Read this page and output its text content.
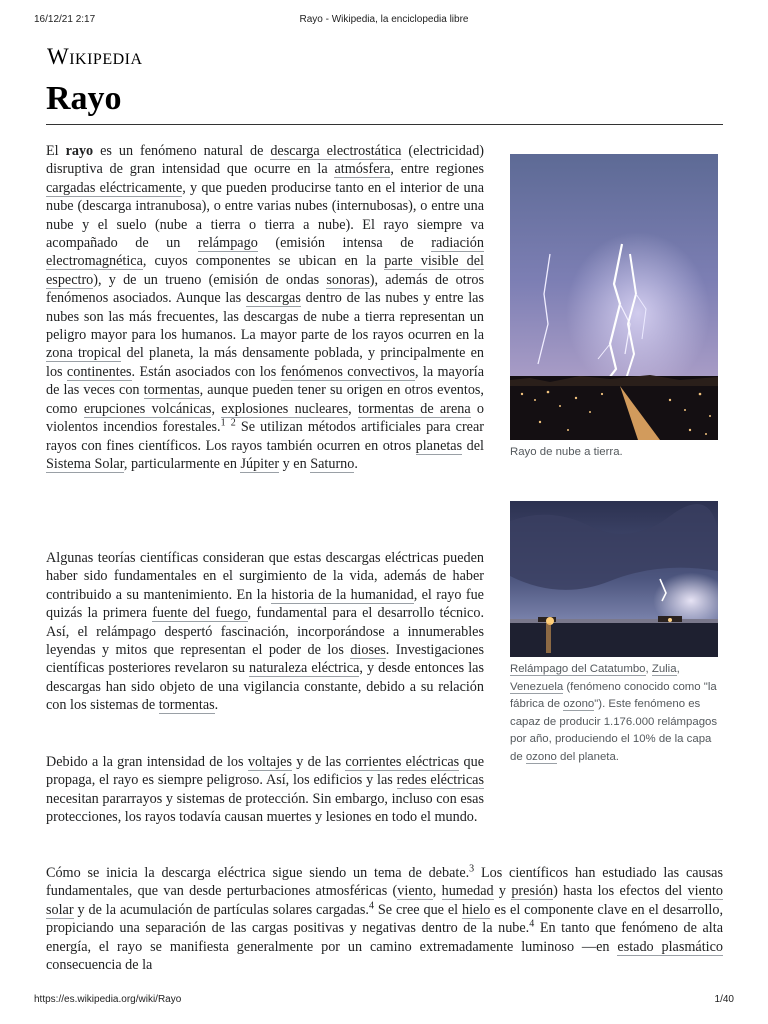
16/12/21 2:17	Rayo - Wikipedia, la enciclopedia libre
Wikipedia
Rayo

El rayo es un fenómeno natural de descarga electrostática (electricidad) disruptiva de gran intensidad que ocurre en la atmósfera, entre regiones cargadas eléctricamente, y que pueden producirse tanto en el interior de una nube (descarga intranubosa), o entre varias nubes (internubosas), o entre una nube y el suelo (nube a tierra o tierra a nube). El rayo siempre va acompañado de un relámpago (emisión intensa de radiación electromagnética, cuyos componentes se ubican en la parte visible del espectro), y de un trueno (emisión de ondas sonoras), además de otros fenómenos asociados. Aunque las descargas dentro de las nubes y entre las nubes son las más frecuentes, las descargas de nube a tierra representan un peligro mayor para los humanos. La mayor parte de los rayos ocurren en la zona tropical del planeta, la más densamente poblada, y principalmente en los continentes. Están asociados con los fenómenos convectivos, la mayoría de las veces con tormentas, aunque pueden tener su origen en otros eventos, como erupciones volcánicas, explosiones nucleares, tormentas de arena o violentos incendios forestales.$^1$ $^2$ Se utilizan métodos artificiales para crear rayos con fines científicos. Los rayos también ocurren en otros planetas del Sistema Solar, particularmente en Júpiter y en Saturno.

Algunas teorías científicas consideran que estas descargas eléctricas pueden haber sido fundamentales en el surgimiento de la vida, además de haber contribuido a su mantenimiento. En la historia de la humanidad, el rayo fue quizás la primera fuente del fuego, fundamental para el desarrollo técnico. Así, el relámpago despertó fascinación, incorporándose a innumerables leyendas y mitos que representan el poder de los dioses. Investigaciones científicas posteriores revelaron su naturaleza eléctrica, y desde entonces las descargas han sido objeto de una vigilancia constante, debido a su relación con los sistemas de tormentas.

Debido a la gran intensidad de los voltajes y de las corrientes eléctricas que propaga, el rayo es siempre peligroso. Así, los edificios y las redes eléctricas necesitan pararrayos y sistemas de protección. Sin embargo, incluso con esas protecciones, los rayos todavía causan muertes y lesiones en todo el mundo.

Cómo se inicia la descarga eléctrica sigue siendo un tema de debate.$^3$ Los científicos han estudiado las causas fundamentales, que van desde perturbaciones atmosféricas (viento, humedad y presión) hasta los efectos del viento solar y de la acumulación de partículas solares cargadas.$^4$ Se cree que el hielo es el componente clave en el desarrollo, propiciando una separación de las cargas positivas y negativas dentro de la nube.$^4$ En tanto que fenómeno de alta energía, el rayo se manifiesta generalmente por un camino extremadamente luminoso —en estado plasmático consecuencia de la

Rayo de nube a tierra.
Relámpago del Catatumbo, Zulia, Venezuela (fenómeno conocido como "la fábrica de ozono"). Este fenómeno es capaz de producir 1.176.000 relámpagos por año, produciendo el 10% de la capa de ozono del planeta.
https://es.wikipedia.org/wiki/Rayo	1/40
